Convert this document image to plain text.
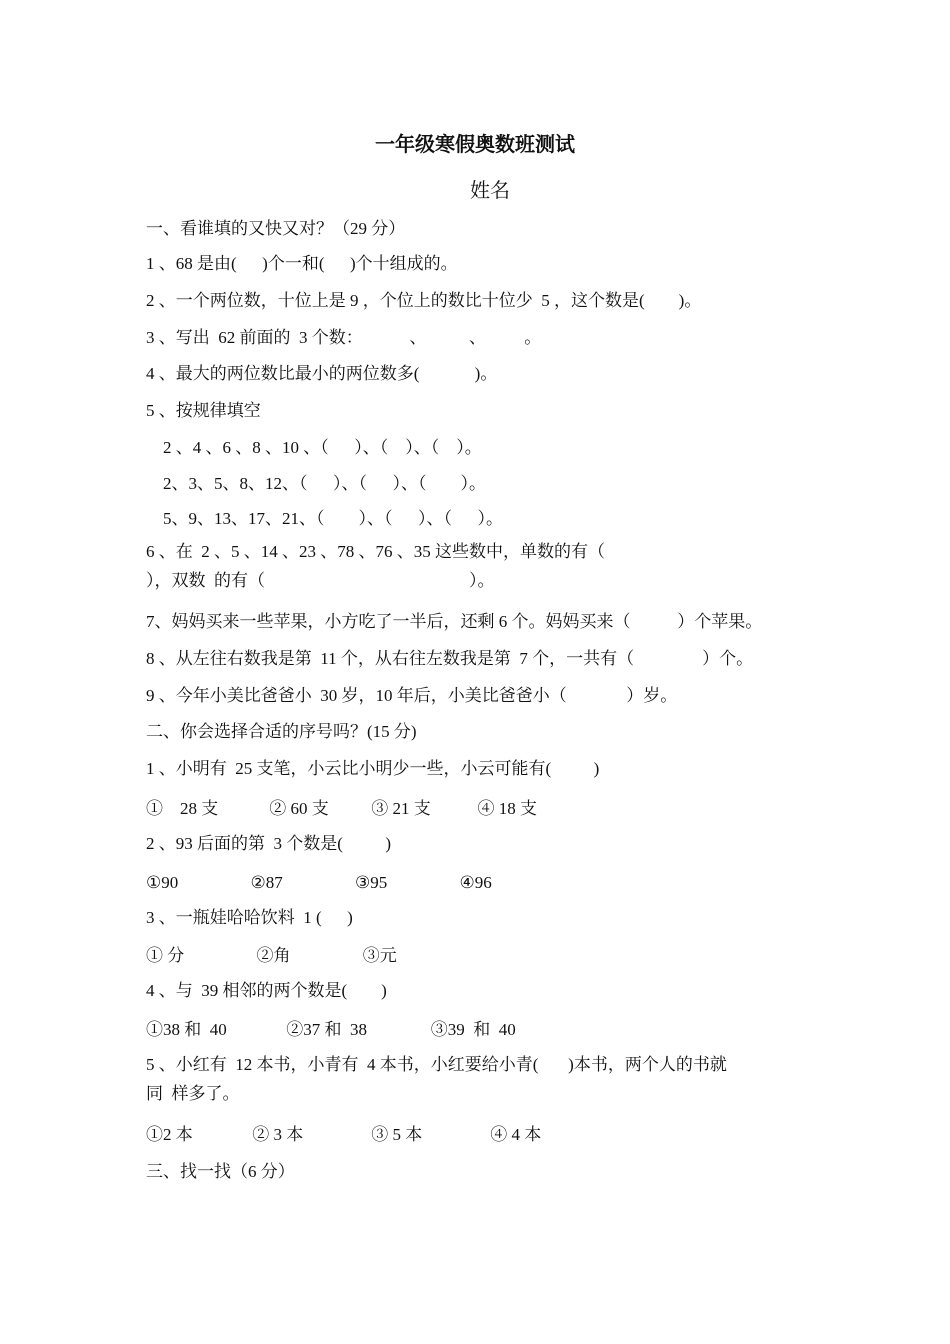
一年级寒假奥数班测试
姓名
一、看谁填的又快又对？（29 分）
1 、68 是由(      )个一和(      )个十组成的。
2 、一个两位数，十位上是 9 ，个位上的数比十位少  5 ，这个数是(        )。
3 、写出  62 前面的  3 个数：           、          、         。
4 、最大的两位数比最小的两位数多(             )。
5 、按规律填空
2 、4 、6 、8 、10 、（      ）、（    ）、（    ）。
2、3、5、8、12、（      ）、（      ）、（        ）。
5、9、13、17、21、（        ）、（      ）、（      ）。
6 、在  2 、5 、14 、23 、78 、76 、35 这些数中，单数的有（
），双数  的有（                                                ）。
7、妈妈买来一些苹果，小方吃了一半后，还剩 6 个。妈妈买来（           ）个苹果。
8 、从左往右数我是第  11 个，从右往左数我是第  7 个，一共有（                ）个。
9 、今年小美比爸爸小  30 岁，10 年后，小美比爸爸小（              ）岁。
二、你会选择合适的序号吗？(15 分)
1 、小明有  25 支笔，小云比小明少一些，小云可能有(          )
①    28 支            ② 60 支          ③ 21 支           ④ 18 支
2 、93 后面的第  3 个数是(          )
①90                 ②87                 ③95                 ④96
3 、一瓶娃哈哈饮料  1 (      )
① 分                 ②角                 ③元
4 、与  39 相邻的两个数是(        )
①38 和  40              ②37 和  38               ③39  和  40
5 、小红有  12 本书，小青有  4 本书，小红要给小青(       )本书，两个人的书就
同  样多了。
①2 本              ② 3 本                ③ 5 本                ④ 4 本
三、找一找（6 分）
